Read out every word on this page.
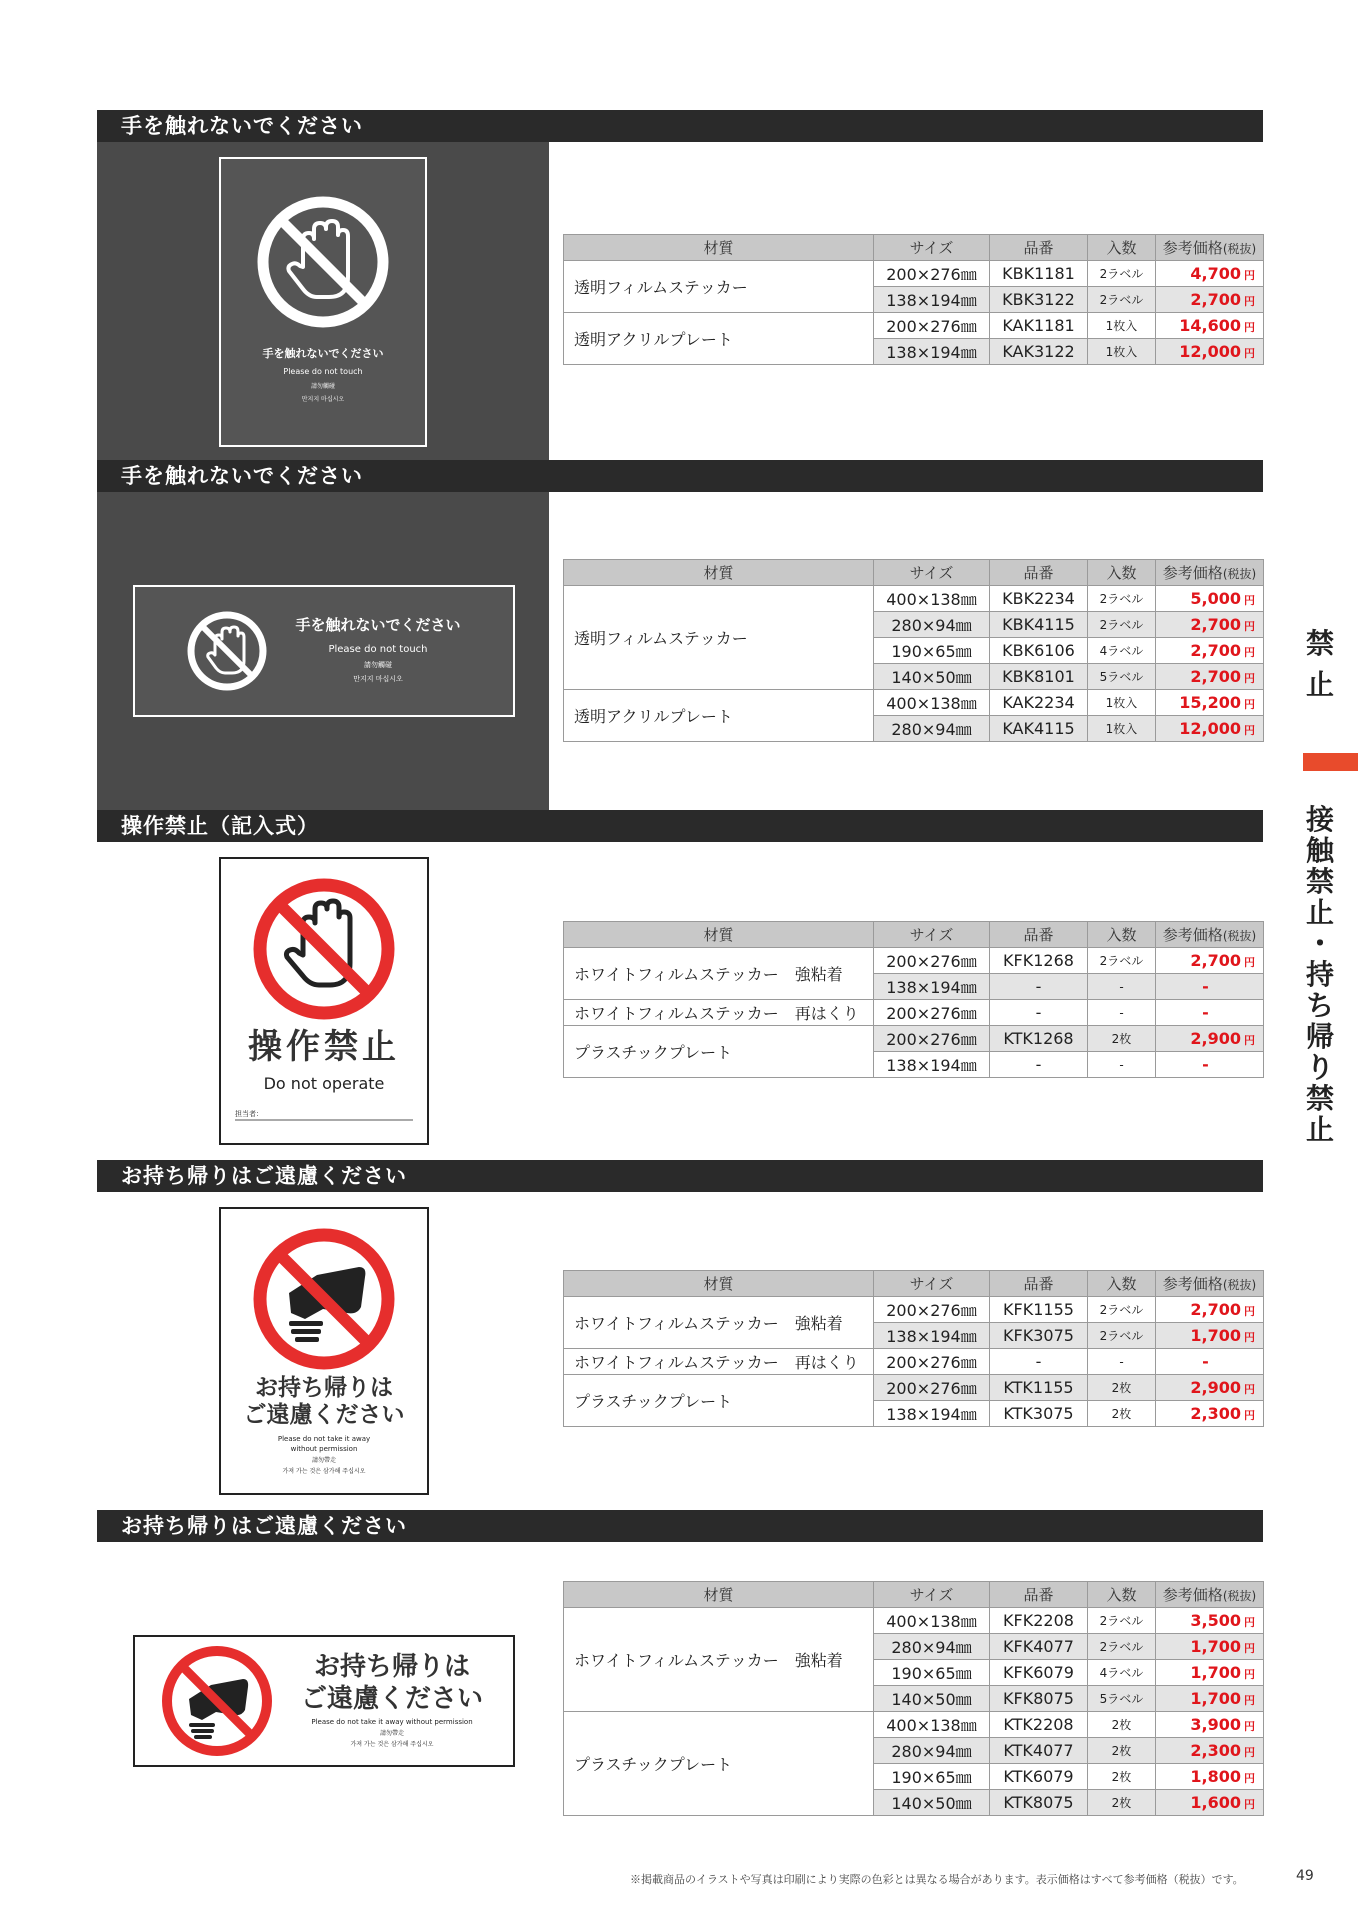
手を触れないでください
手を触れないでください
Please do not touch
請勿觸碰
만지지 마십시오
材質	サイズ	品番	入数	参考価格(税抜)
透明フィルムステッカー	200×276㎜	KBK1181	2ラベル	4,700 円
	138×194㎜	KBK3122	2ラベル	2,700 円
透明アクリルプレート	200×276㎜	KAK1181	1枚入	14,600 円
	138×194㎜	KAK3122	1枚入	12,000 円
手を触れないでください
手を触れないでください
Please do not touch
請勿觸碰
만지지 마십시오
材質	サイズ	品番	入数	参考価格(税抜)
透明フィルムステッカー	400×138㎜	KBK2234	2ラベル	5,000 円
	280×94㎜	KBK4115	2ラベル	2,700 円
	190×65㎜	KBK6106	4ラベル	2,700 円
	140×50㎜	KBK8101	5ラベル	2,700 円
透明アクリルプレート	400×138㎜	KAK2234	1枚入	15,200 円
	280×94㎜	KAK4115	1枚入	12,000 円
操作禁止（記入式）
操作禁止
Do not operate
担当者：
材質	サイズ	品番	入数	参考価格(税抜)
ホワイトフィルムステッカー　強粘着	200×276㎜	KFK1268	2ラベル	2,700 円
	138×194㎜	-	-	-
ホワイトフィルムステッカー　再はくり	200×276㎜	-	-	-
プラスチックプレート	200×276㎜	KTK1268	2枚	2,900 円
	138×194㎜	-	-	-
お持ち帰りはご遠慮ください
お持ち帰りは
ご遠慮ください
Please do not take it away
without permission
請勿帶走
가져 가는 것은 삼가해 주십시오
材質	サイズ	品番	入数	参考価格(税抜)
ホワイトフィルムステッカー　強粘着	200×276㎜	KFK1155	2ラベル	2,700 円
	138×194㎜	KFK3075	2ラベル	1,700 円
ホワイトフィルムステッカー　再はくり	200×276㎜	-	-	-
プラスチックプレート	200×276㎜	KTK1155	2枚	2,900 円
	138×194㎜	KTK3075	2枚	2,300 円
お持ち帰りはご遠慮ください
お持ち帰りは
ご遠慮ください
Please do not take it away without permission
請勿帶走
가져 가는 것은 삼가해 주십시오
材質	サイズ	品番	入数	参考価格(税抜)
ホワイトフィルムステッカー　強粘着	400×138㎜	KFK2208	2ラベル	3,500 円
	280×94㎜	KFK4077	2ラベル	1,700 円
	190×65㎜	KFK6079	4ラベル	1,700 円
	140×50㎜	KFK8075	5ラベル	1,700 円
プラスチックプレート	400×138㎜	KTK2208	2枚	3,900 円
	280×94㎜	KTK4077	2枚	2,300 円
	190×65㎜	KTK6079	2枚	1,800 円
	140×50㎜	KTK8075	2枚	1,600 円
禁
止
接
触
禁
止
・
持
ち
帰
り
禁
止
※掲載商品のイラストや写真は印刷により実際の色彩とは異なる場合があります。表示価格はすべて参考価格（税抜）です。	49
